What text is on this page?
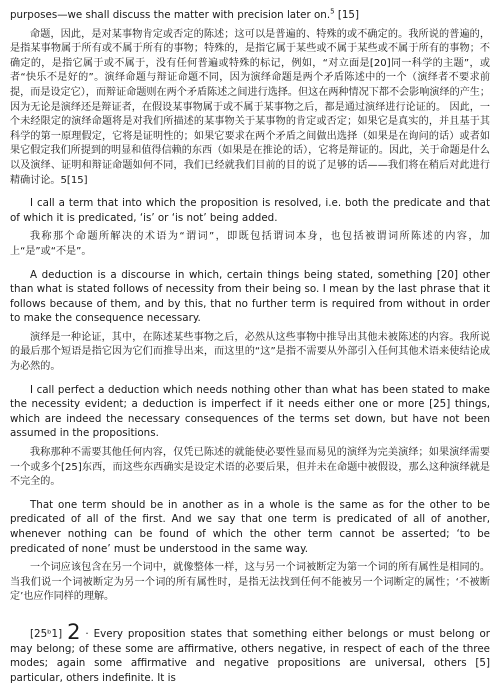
purposes—we shall discuss the matter with precision later on.$^5$ [15]

命题，因此，是对某事物肯定或否定的陈述；这可以是普遍的、特殊的或不确定的。我所说的普遍的，是指某事物属于所有或不属于所有的事物；特殊的，是指它属于某些或不属于某些或不属于所有的事物；不确定的，是指它属于或不属于，没有任何普遍或特殊的标记，例如，“对立面是[20]同一科学的主题”，或者“快乐不是好的”。演绎命题与辩证命题不同，因为演绎命题是两个矛盾陈述中的一个（演绎者不要求前提，而是设定它），而辩证命题则在两个矛盾陈述之间进行选择。但这在两种情况下都不会影响演绎的产生；因为无论是演绎还是辩证者，在假设某事物属于或不属于某事物之后，都是通过演绎进行论证的。 因此，一个未经限定的演绎命题将是对我们所描述的某事物关于某事物的肯定或否定；如果它是真实的，并且基于其科学的第一原理假定，它将是证明性的；如果它要求在两个矛盾之间做出选择（如果是在询问的话）或者如果它假定我们所提到的明显和值得信赖的东西（如果是在推论的话），它将是辩证的。因此，关于命题是什么以及演绎、证明和辩证命题如何不同，我们已经就我们目前的目的说了足够的话——我们将在稍后对此进行精确讨论。5[15]

I call a term that into which the proposition is resolved, i.e. both the predicate and that of which it is predicated, ‘is’ or ‘is not’ being added.

我称那个命题所解决的术语为“谓词”，即既包括谓词本身，也包括被谓词所陈述的内容，加上“是”或“不是”。

A deduction is a discourse in which, certain things being stated, something [20] other than what is stated follows of necessity from their being so. I mean by the last phrase that it follows because of them, and by this, that no further term is required from without in order to make the consequence necessary.

演绎是一种论证，其中，在陈述某些事物之后，必然从这些事物中推导出其他未被陈述的内容。我所说的最后那个短语是指它因为它们而推导出来，而这里的“这”是指不需要从外部引入任何其他术语来使结论成为必然的。

I call perfect a deduction which needs nothing other than what has been stated to make the necessity evident; a deduction is imperfect if it needs either one or more [25] things, which are indeed the necessary consequences of the terms set down, but have not been assumed in the propositions.

我称那种不需要其他任何内容，仅凭已陈述的就能使必要性显而易见的演绎为完美演绎；如果演绎需要一个或多个[25]东西，而这些东西确实是设定术语的必要后果，但并未在命题中被假设，那么这种演绎就是不完全的。

That one term should be in another as in a whole is the same as for the other to be predicated of all of the first. And we say that one term is predicated of all of another, whenever nothing can be found of which the other term cannot be asserted; ‘to be predicated of none’ must be understood in the same way.

一个词应该包含在另一个词中，就像整体一样，这与另一个词被断定为第一个词的所有属性是相同的。当我们说一个词被断定为另一个词的所有属性时，是指无法找到任何不能被另一个词断定的属性；‘不被断定’也应作同样的理解。

[25ᵇ1] 2 · Every proposition states that something either belongs or must belong or may belong; of these some are affirmative, others negative, in respect of each of the three modes; again some affirmative and negative propositions are universal, others [5] particular, others indefinite. It is
